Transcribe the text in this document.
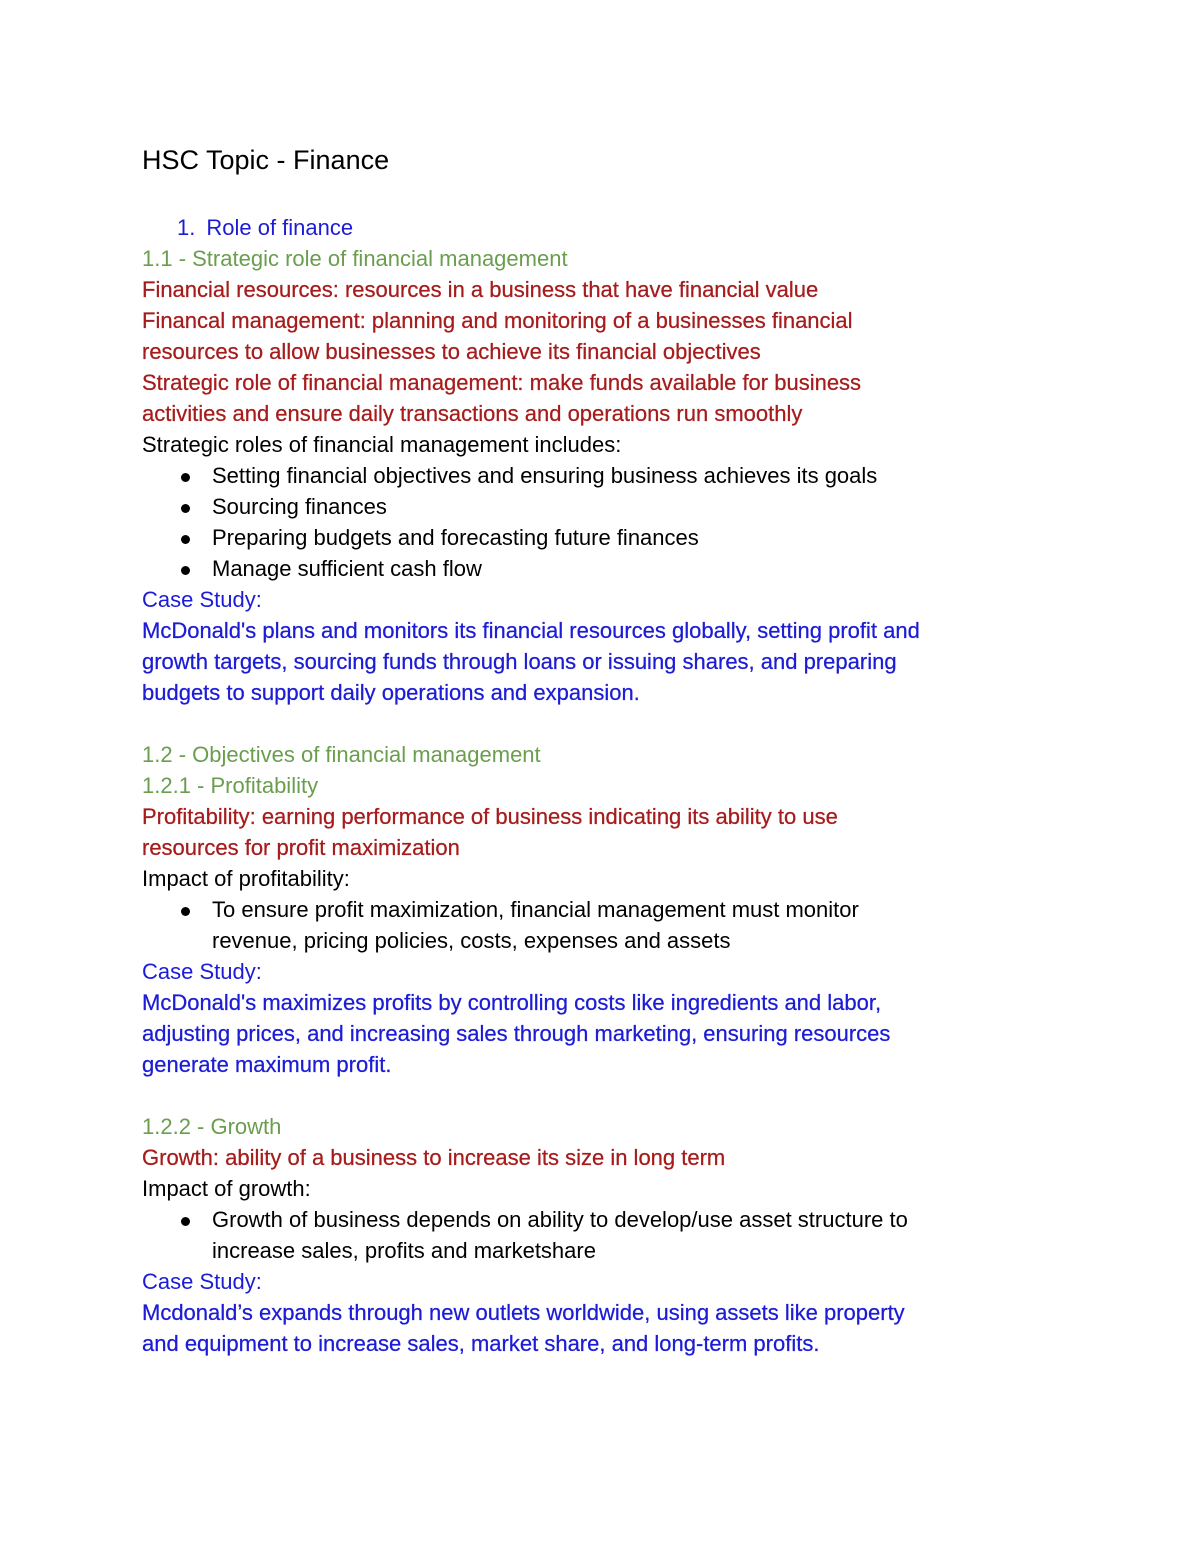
HSC Topic - Finance
1. Role of finance
1.1 - Strategic role of financial management
Financial resources: resources in a business that have financial value
Financal management: planning and monitoring of a businesses financial
resources to allow businesses to achieve its financial objectives
Strategic role of financial management: make funds available for business
activities and ensure daily transactions and operations run smoothly
Strategic roles of financial management includes:
Setting financial objectives and ensuring business achieves its goals
Sourcing finances
Preparing budgets and forecasting future finances
Manage sufficient cash flow
Case Study:
McDonald's plans and monitors its financial resources globally, setting profit and
growth targets, sourcing funds through loans or issuing shares, and preparing
budgets to support daily operations and expansion.
1.2 - Objectives of financial management
1.2.1 - Profitability
Profitability: earning performance of business indicating its ability to use
resources for profit maximization
Impact of profitability:
To ensure profit maximization, financial management must monitor
revenue, pricing policies, costs, expenses and assets
Case Study:
McDonald's maximizes profits by controlling costs like ingredients and labor,
adjusting prices, and increasing sales through marketing, ensuring resources
generate maximum profit.
1.2.2 - Growth
Growth: ability of a business to increase its size in long term
Impact of growth:
Growth of business depends on ability to develop/use asset structure to
increase sales, profits and marketshare
Case Study:
Mcdonald’s expands through new outlets worldwide, using assets like property
and equipment to increase sales, market share, and long-term profits.
